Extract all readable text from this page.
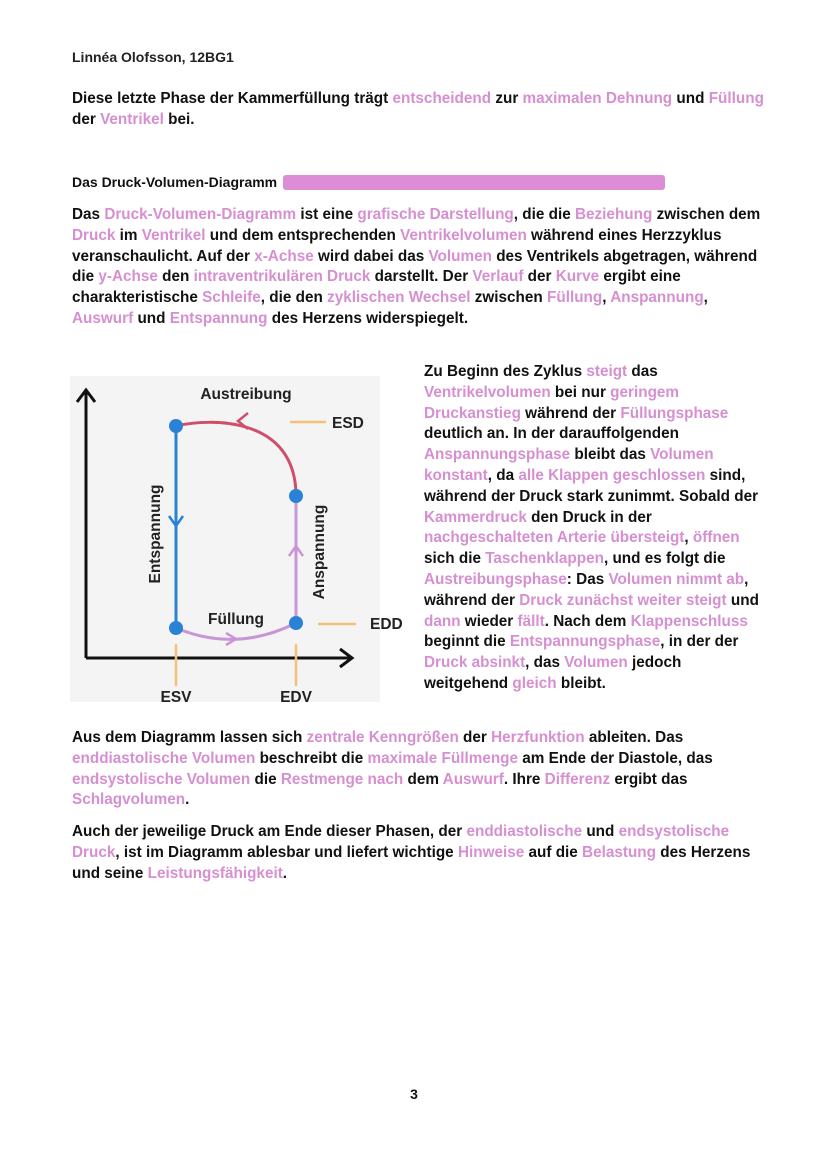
Linnéa Olofsson, 12BG1

Diese letzte Phase der Kammerfüllung trägt entscheidend zur maximalen Dehnung und Füllung der Ventrikel bei.

Das Druck-Volumen-Diagramm

Das Druck-Volumen-Diagramm ist eine grafische Darstellung, die die Beziehung zwischen dem Druck im Ventrikel und dem entsprechenden Ventrikelvolumen während eines Herzzyklus veranschaulicht. Auf der x-Achse wird dabei das Volumen des Ventrikels abgetragen, während die y-Achse den intraventrikulären Druck darstellt. Der Verlauf der Kurve ergibt eine charakteristische Schleife, die den zyklischen Wechsel zwischen Füllung, Anspannung, Auswurf und Entspannung des Herzens widerspiegelt.

Austreibung
ESD
Füllung	EDD
ESV	EDV
Entspannung	Anspannung

Zu Beginn des Zyklus steigt das Ventrikelvolumen bei nur geringem Druckanstieg während der Füllungsphase deutlich an. In der darauffolgenden Anspannungsphase bleibt das Volumen konstant, da alle Klappen geschlossen sind, während der Druck stark zunimmt. Sobald der Kammerdruck den Druck in der nachgeschalteten Arterie übersteigt, öffnen sich die Taschenklappen, und es folgt die Austreibungsphase: Das Volumen nimmt ab, während der Druck zunächst weiter steigt und dann wieder fällt. Nach dem Klappenschluss beginnt die Entspannungsphase, in der der Druck absinkt, das Volumen jedoch weitgehend gleich bleibt.

Aus dem Diagramm lassen sich zentrale Kenngrößen der Herzfunktion ableiten. Das enddiastolische Volumen beschreibt die maximale Füllmenge am Ende der Diastole, das endsystolische Volumen die Restmenge nach dem Auswurf. Ihre Differenz ergibt das Schlagvolumen.

Auch der jeweilige Druck am Ende dieser Phasen, der enddiastolische und endsystolische Druck, ist im Diagramm ablesbar und liefert wichtige Hinweise auf die Belastung des Herzens und seine Leistungsfähigkeit.

3
